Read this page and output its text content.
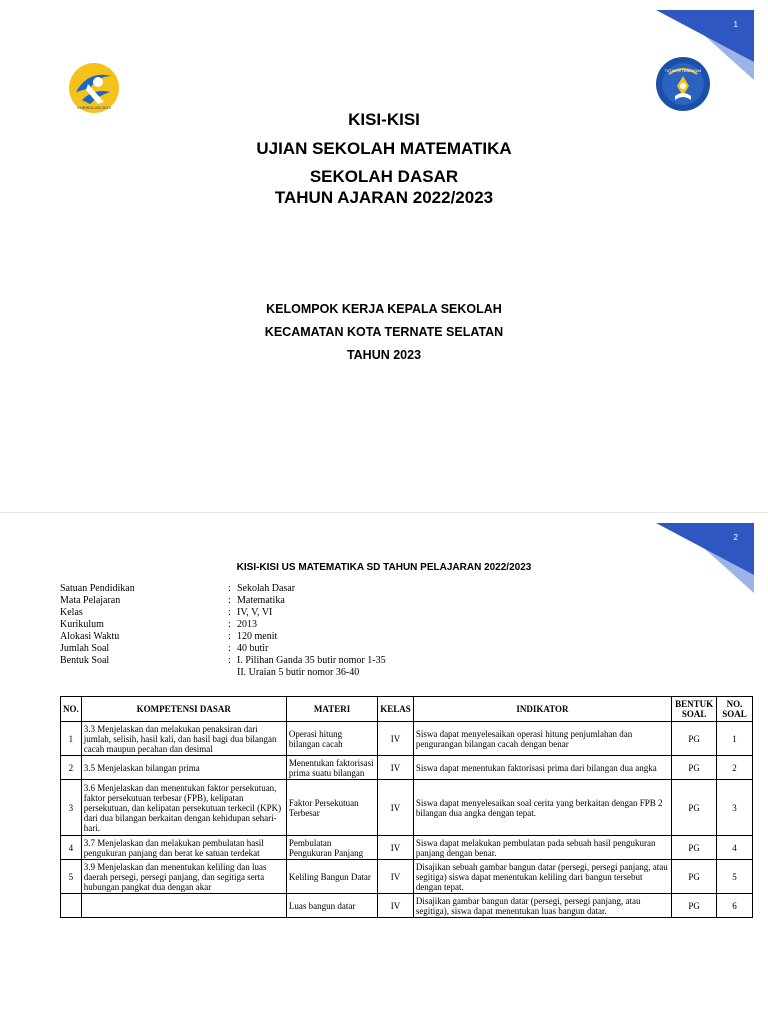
1
KURIKULUM 2013
TUT WURI HANDAYANI
KISI-KISI
UJIAN SEKOLAH MATEMATIKA
SEKOLAH DASAR
TAHUN AJARAN 2022/2023
KELOMPOK KERJA KEPALA SEKOLAH
KECAMATAN KOTA TERNATE SELATAN
TAHUN 2023
2
KISI-KISI US MATEMATIKA SD TAHUN PELAJARAN 2022/2023
Satuan Pendidikan	: Sekolah Dasar
Mata Pelajaran	: Matematika
Kelas	: IV, V, VI
Kurikulum	: 2013
Alokasi Waktu	: 120 menit
Jumlah Soal	: 40 butir
Bentuk Soal	: I. Pilihan Ganda 35 butir nomor 1-35
II. Uraian 5 butir nomor 36-40
NO.	KOMPETENSI DASAR	MATERI	KELAS	INDIKATOR	BENTUK SOAL	NO. SOAL
1	3.3 Menjelaskan dan melakukan penaksiran dari jumlah, selisih, hasil kali, dan hasil bagi dua bilangan cacah maupun pecahan dan desimal	Operasi hitung bilangan cacah	IV	Siswa dapat menyelesaikan operasi hitung penjumlahan dan pengurangan bilangan cacah dengan benar	PG	1
2	3.5 Menjelaskan bilangan prima	Menentukan faktorisasi prima suatu bilangan	IV	Siswa dapat menentukan faktorisasi prima dari bilangan dua angka	PG	2
3	3.6 Menjelaskan dan menentukan faktor persekutuan, faktor persekutuan terbesar (FPB), kelipatan persekutuan, dan kelipatan persekutuan terkecil (KPK) dari dua bilangan berkaitan dengan kehidupan sehari-hari.	Faktor Persekutuan Terbesar	IV	Siswa dapat menyelesaikan soal cerita yang berkaitan dengan FPB 2 bilangan dua angka dengan tepat.	PG	3
4	3.7 Menjelaskan dan melakukan pembulatan hasil pengukuran panjang dan berat ke satuan terdekat	Pembulatan Pengukuran Panjang	IV	Siswa dapat melakukan pembulatan pada sebuah hasil pengukuran panjang dengan benar.	PG	4
5	3.9 Menjelaskan dan menentukan keliling dan luas daerah persegi, persegi panjang, dan segitiga serta hubungan pangkat dua dengan akar	Keliling Bangun Datar	IV	Disajikan sebuah gambar bangun datar (persegi, persegi panjang, atau segitiga) siswa dapat menentukan keliling dari bangun tersebut dengan tepat.	PG	5
		Luas bangun datar	IV	Disajikan gambar bangun datar (persegi, persegi panjang, atau segitiga), siswa dapat menentukan luas bangun datar.	PG	6
